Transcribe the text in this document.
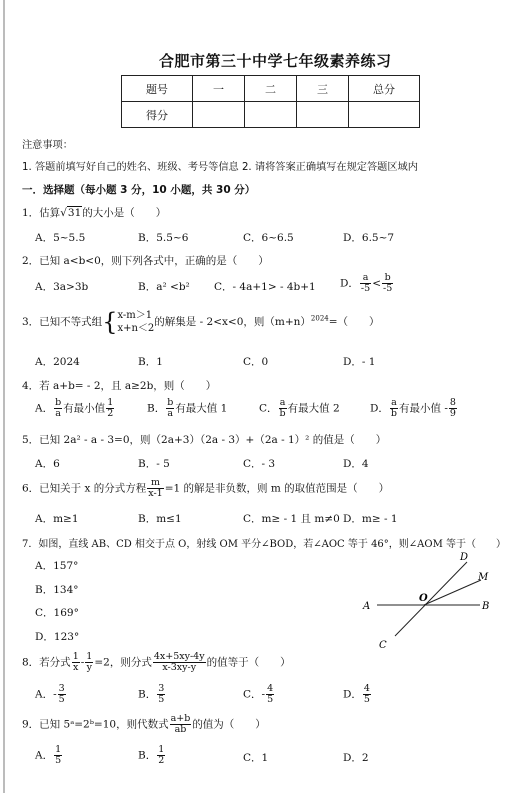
合肥市第三十中学七年级素养练习
题号	一	二	三	总分
得分				
注意事项：
1. 答题前填写好自己的姓名、班级、考号等信息 2. 请将答案正确填写在规定答题区域内
一．选择题（每小题 3 分，10 小题，共 30 分）
1．估算√31的大小是（　　）
A．5~5.5	B．5.5~6	C．6~6.5	D．6.5~7
2．已知 a<b<0，则下列各式中，正确的是（　　）
A．3a>3b	B．a² <b² C．- 4a+1> - 4b+1 D． $\frac{a}{-5} < \frac{b}{-5}$
3．已知不等式组{ x-m＞1
x+n＜2
的解集是 - 2<x<0，则$(m+n)^{2024}=$（　　）
A．2024	B．1	C．0	D．- 1
4．若 a+b= - 2，且 a≥2b，则（　　）
A． $\frac{b}{a}$ 有最小值 $\frac{1}{2}$	B． $\frac{b}{a}$ 有最大值 1	C． $\frac{a}{b}$ 有最大值 2	D． $\frac{a}{b}$ 有最小值 - $\frac{8}{9}$
5．已知 2a² - a - 3=0，则（2a+3）（2a - 3）+（2a - 1）² 的值是（　　）
A．6	B．- 5	C．- 3	D．4
6．已知关于 x 的分式方程 $\frac{m}{x-1} =1$ 的解是非负数，则 m 的取值范围是（　　）
A．m≥1	B．m≤1	C．m≥ - 1 且 m≠0 D．m≥ - 1
7．如图，直线 AB、CD 相交于点 O，射线 OM 平分∠BOD，若∠AOC 等于 46°，则∠AOM 等于（　　）
A．157°
B．134°
C．169°
D．123°
D
M
A
O
B
C
8．若分式 $\frac{1}{x} - \frac{1}{y} =2$，则分式 $\frac{4x+5xy-4y}{x-3xy-y}$ 的值等于（　　）
A．- $\frac{3}{5}$	B． $\frac{3}{5}$	C．- $\frac{4}{5}$	D． $\frac{4}{5}$
9．已知 5ᵃ=2ᵇ=10，则代数式 $\frac{a+b}{ab}$ 的值为（　　）
A． $\frac{1}{5}$	B． $\frac{1}{2}$	C．1	D．2
